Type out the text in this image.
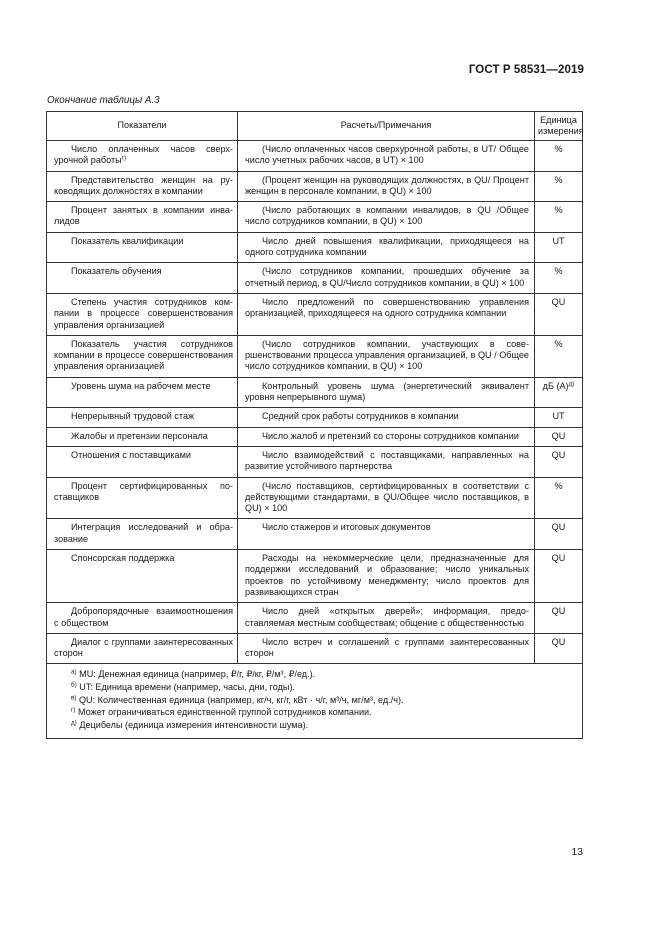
ГОСТ Р 58531—2019
Окончание таблицы А.3
Показатели	Расчеты/Примечания	Единица измерения
Число оплаченных часов сверхурочной работы$^{г)}$	(Число оплаченных часов сверхурочной работы, в UT/ Общее число учетных рабочих часов, в UT) × 100	%
Представительство женщин на руководящих должностях в компании	(Процент женщин на руководящих должностях, в QU/ Процент женщин в персонале компании, в QU) × 100	%
Процент занятых в компании инвалидов	(Число работающих в компании инвалидов, в QU /Общее число сотрудников компании, в QU) × 100	%
Показатель квалификации	Число дней повышения квалификации, приходящееся на одного сотрудника компании	UT
Показатель обучения	(Число сотрудников компании, прошедших обучение за отчетный период, в QU/Число сотрудников компании, в QU) × 100	%
Степень участия сотрудников компании в процессе совершенствования управления организацией	Число предложений по совершенствованию управления организацией, приходящееся на одного сотрудника компании	QU
Показатель участия сотрудников компании в процессе совершенствования управления организацией	(Число сотрудников компании, участвующих в совершенствовании процесса управления организацией, в QU / Общее число сотрудников компании, в QU) × 100	%
Уровень шума на рабочем месте	Контрольный уровень шума (энергетический эквивалент уровня непрерывного шума)	дБ $(А)^{д)}$
Непрерывный трудовой стаж	Средний срок работы сотрудников в компании	UT
Жалобы и претензии персонала	Число жалоб и претензий со стороны сотрудников компании	QU
Отношения с поставщиками	Число взаимодействий с поставщиками, направленных на развитие устойчивого партнерства	QU
Процент сертифицированных поставщиков	(Число поставщиков, сертифицированных в соответствии с действующими стандартами, в QU/Общее число поставщиков, в QU) × 100	%
Интеграция исследований и образование	Число стажеров и итоговых документов	QU
Спонсорская поддержка	Расходы на некоммерческие цели, предназначенные для поддержки исследований и образование; число уникальных проектов по устойчивому менеджменту; число проектов для развивающихся стран	QU
Добропорядочные взаимоотношения с обществом	Число дней «открытых дверей»; информация, предоставляемая местным сообществам; общение с общественностью	QU
Диалог с группами заинтересованных сторон	Число встреч и соглашений с группами заинтересованных сторон	QU

$^{а)}$ MU: Денежная единица (например, ₽/г, ₽/кг, ₽/м³, ₽/ед.).
$^{б)}$ UT: Единица времени (например, часы, дни, годы).
$^{в)}$ QU: Количественная единица (например, кг/ч, кг/г, кВт · ч/г, м³/ч, мг/м³, ед./ч).
$^{г)}$ Может ограничиваться единственной группой сотрудников компании.
$^{д)}$ Децибелы (единица измерения интенсивности шума).		
13
